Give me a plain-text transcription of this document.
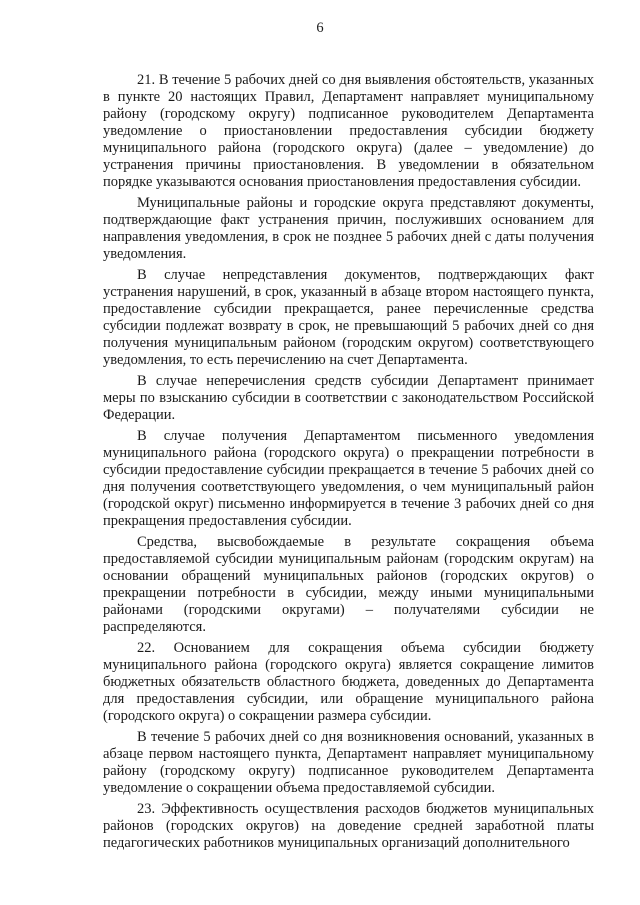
6

21. В течение 5 рабочих дней со дня выявления обстоятельств, указанных в пункте 20 настоящих Правил, Департамент направляет муниципальному району (городскому округу) подписанное руководителем Департамента уведомление о приостановлении предоставления субсидии бюджету муниципального района (городского округа) (далее – уведомление) до устранения причины приостановления. В уведомлении в обязательном порядке указываются основания приостановления предоставления субсидии.

Муниципальные районы и городские округа представляют документы, подтверждающие факт устранения причин, послуживших основанием для направления уведомления, в срок не позднее 5 рабочих дней с даты получения уведомления.

В случае непредставления документов, подтверждающих факт устранения нарушений, в срок, указанный в абзаце втором настоящего пункта, предоставление субсидии прекращается, ранее перечисленные средства субсидии подлежат возврату в срок, не превышающий 5 рабочих дней со дня получения муниципальным районом (городским округом) соответствующего уведомления, то есть перечислению на счет Департамента.

В случае неперечисления средств субсидии Департамент принимает меры по взысканию субсидии в соответствии с законодательством Российской Федерации.

В случае получения Департаментом письменного уведомления муниципального района (городского округа) о прекращении потребности в субсидии предоставление субсидии прекращается в течение 5 рабочих дней со дня получения соответствующего уведомления, о чем муниципальный район (городской округ) письменно информируется в течение 3 рабочих дней со дня прекращения предоставления субсидии.

Средства, высвобождаемые в результате сокращения объема предоставляемой субсидии муниципальным районам (городским округам) на основании обращений муниципальных районов (городских округов) о прекращении потребности в субсидии, между иными муниципальными районами (городскими округами) – получателями субсидии не распределяются.

22. Основанием для сокращения объема субсидии бюджету муниципального района (городского округа) является сокращение лимитов бюджетных обязательств областного бюджета, доведенных до Департамента для предоставления субсидии, или обращение муниципального района (городского округа) о сокращении размера субсидии.

В течение 5 рабочих дней со дня возникновения оснований, указанных в абзаце первом настоящего пункта, Департамент направляет муниципальному району (городскому округу) подписанное руководителем Департамента уведомление о сокращении объема предоставляемой субсидии.

23. Эффективность осуществления расходов бюджетов муниципальных районов (городских округов) на доведение средней заработной платы педагогических работников муниципальных организаций дополнительного
